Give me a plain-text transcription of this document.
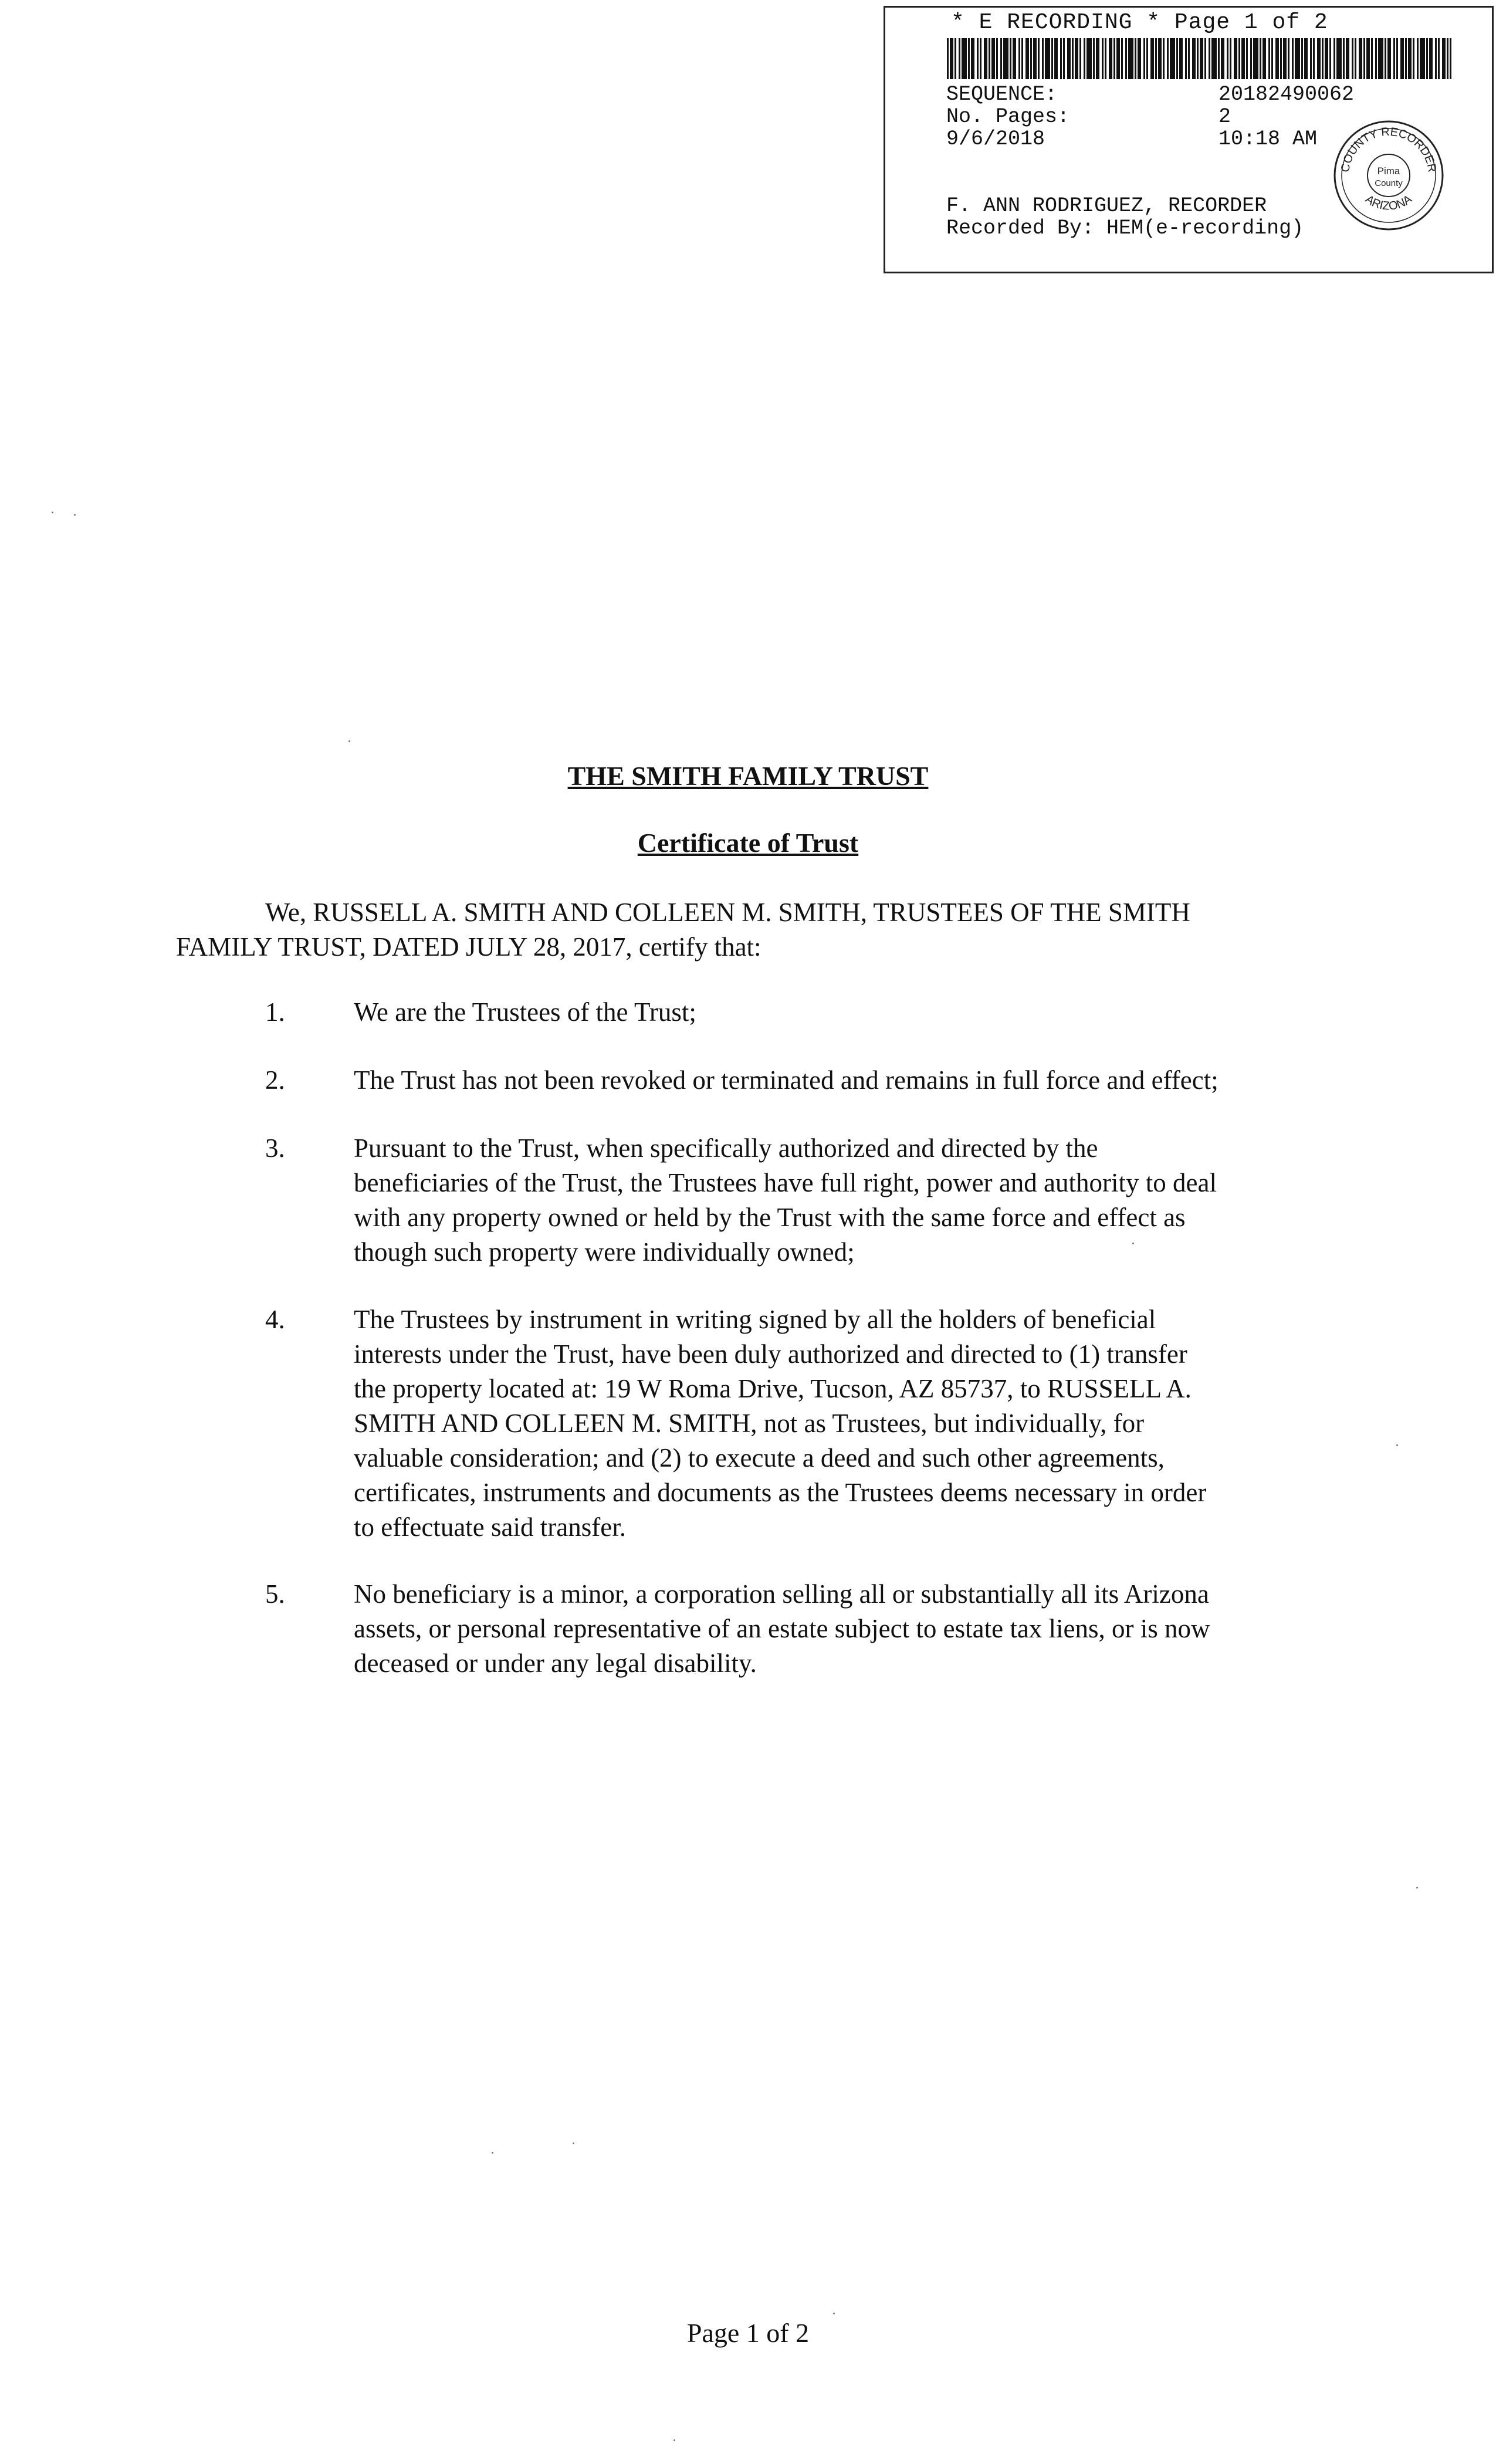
* E RECORDING * Page 1 of 2
SEQUENCE:	20182490062
No. Pages:	2
9/6/2018	10:18 AM
F. ANN RODRIGUEZ, RECORDER
Recorded By: HEM(e-recording)
COUNTY RECORDER
ARIZONA
Pima
County
THE SMITH FAMILY TRUST
Certificate of Trust
We, RUSSELL A. SMITH AND COLLEEN M. SMITH, TRUSTEES OF THE SMITH
FAMILY TRUST, DATED JULY 28, 2017, certify that:
1.	We are the Trustees of the Trust;
2.	The Trust has not been revoked or terminated and remains in full force and effect;
3.	Pursuant to the Trust, when specifically authorized and directed by the
beneficiaries of the Trust, the Trustees have full right, power and authority to deal
with any property owned or held by the Trust with the same force and effect as
though such property were individually owned;
4.	The Trustees by instrument in writing signed by all the holders of beneficial
interests under the Trust, have been duly authorized and directed to (1) transfer
the property located at: 19 W Roma Drive, Tucson, AZ 85737, to RUSSELL A.
SMITH AND COLLEEN M. SMITH, not as Trustees, but individually, for
valuable consideration; and (2) to execute a deed and such other agreements,
certificates, instruments and documents as the Trustees deems necessary in order
to effectuate said transfer.
5.	No beneficiary is a minor, a corporation selling all or substantially all its Arizona
assets, or personal representative of an estate subject to estate tax liens, or is now
deceased or under any legal disability.
Page 1 of 2
